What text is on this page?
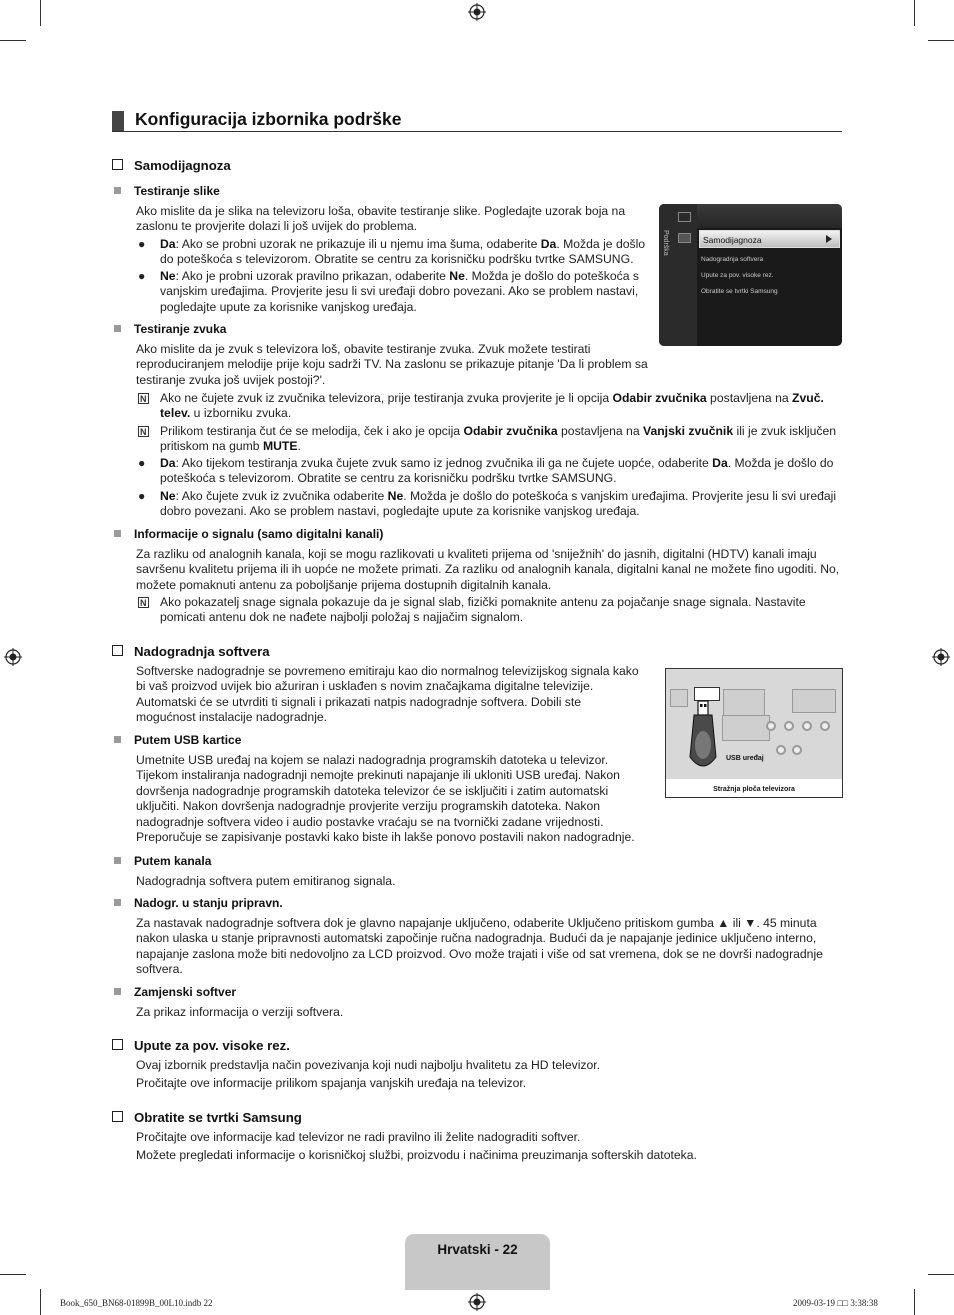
Konfiguracija izbornika podrške
Samodijagnoza
Testiranje slike
Ako mislite da je slika na televizoru loša, obavite testiranje slike. Pogledajte uzorak boja na zaslonu te provjerite dolazi li još uvijek do problema.
●	Da: Ako se probni uzorak ne prikazuje ili u njemu ima šuma, odaberite Da. Možda je došlo do poteškoća s televizorom. Obratite se centru za korisničku podršku tvrtke SAMSUNG.
●	Ne: Ako je probni uzorak pravilno prikazan, odaberite Ne. Možda je došlo do poteškoća s vanjskim uređajima. Provjerite jesu li svi uređaji dobro povezani. Ako se problem nastavi, pogledajte upute za korisnike vanjskog uređaja.
Podrška	Samodijagnoza
Nadogradnja softvera
Upute za pov. visoke rez.
Obratite se tvrtki Samsung
Testiranje zvuka
Ako mislite da je zvuk s televizora loš, obavite testiranje zvuka. Zvuk možete testirati reproduciranjem melodije prije koju sadrži TV. Na zaslonu se prikazuje pitanje 'Da li problem sa testiranje zvuka još uvijek postoji?'.
N
Ako ne čujete zvuk iz zvučnika televizora, prije testiranja zvuka provjerite je li opcija Odabir zvučnika postavljena na Zvuč. telev. u izborniku zvuka.
N
Prilikom testiranja čut će se melodija, ček i ako je opcija Odabir zvučnika postavljena na Vanjski zvučnik ili je zvuk isključen pritiskom na gumb MUTE.
●	Da: Ako tijekom testiranja zvuka čujete zvuk samo iz jednog zvučnika ili ga ne čujete uopće, odaberite Da. Možda je došlo do poteškoća s televizorom. Obratite se centru za korisničku podršku tvrtke SAMSUNG.
●	Ne: Ako čujete zvuk iz zvučnika odaberite Ne. Možda je došlo do poteškoća s vanjskim uređajima. Provjerite jesu li svi uređaji dobro povezani. Ako se problem nastavi, pogledajte upute za korisnike vanjskog uređaja.
Informacije o signalu (samo digitalni kanali)
Za razliku od analognih kanala, koji se mogu razlikovati u kvaliteti prijema od 'sniježnih' do jasnih, digitalni (HDTV) kanali imaju savršenu kvalitetu prijema ili ih uopće ne možete primati. Za razliku od analognih kanala, digitalni kanal ne možete fino ugoditi. No, možete pomaknuti antenu za poboljšanje prijema dostupnih digitalnih kanala.
N
Ako pokazatelj snage signala pokazuje da je signal slab, fizički pomaknite antenu za pojačanje snage signala. Nastavite pomicati antenu dok ne nađete najbolji položaj s najjačim signalom.
Nadogradnja softvera
Softverske nadogradnje se povremeno emitiraju kao dio normalnog televizijskog signala kako bi vaš proizvod uvijek bio ažuriran i usklađen s novim značajkama digitalne televizije. Automatski će se utvrditi ti signali i prikazati natpis nadogradnje softvera. Dobili ste mogućnost instalacije nadogradnje.
Putem USB kartice
Umetnite USB uređaj na kojem se nalazi nadogradnja programskih datoteka u televizor. Tijekom instaliranja nadogradnji nemojte prekinuti napajanje ili ukloniti USB uređaj. Nakon dovršenja nadogradnje programskih datoteka televizor će se isključiti i zatim automatski uključiti. Nakon dovršenja nadogradnje provjerite verziju programskih datoteka. Nakon nadogradnje softvera video i audio postavke vraćaju se na tvornički zadane vrijednosti. Preporučuje se zapisivanje postavki kako biste ih lakše ponovo postavili nakon nadogradnje.
USB uređaj
Stražnja ploča televizora
Putem kanala
Nadogradnja softvera putem emitiranog signala.
Nadogr. u stanju pripravn.
Za nastavak nadogradnje softvera dok je glavno napajanje uključeno, odaberite Uključeno pritiskom gumba ▲ ili ▼. 45 minuta nakon ulaska u stanje pripravnosti automatski započinje ručna nadogradnja. Budući da je napajanje jedinice uključeno interno, napajanje zaslona može biti nedovoljno za LCD proizvod. Ovo može trajati i više od sat vremena, dok se ne dovrši nadogradnje softvera.
Zamjenski softver
Za prikaz informacija o verziji softvera.
Upute za pov. visoke rez.
Ovaj izbornik predstavlja način povezivanja koji nudi najbolju hvalitetu za HD televizor.
Pročitajte ove informacije prilikom spajanja vanjskih uređaja na televizor.
Obratite se tvrtki Samsung
Pročitajte ove informacije kad televizor ne radi pravilno ili želite nadograditi softver.
Možete pregledati informacije o korisničkoj službi, proizvodu i načinima preuzimanja softerskih datoteka.
Hrvatski - 22
Book_650_BN68-01899B_00L10.indb 22	2009-03-19 □□ 3:38:38
